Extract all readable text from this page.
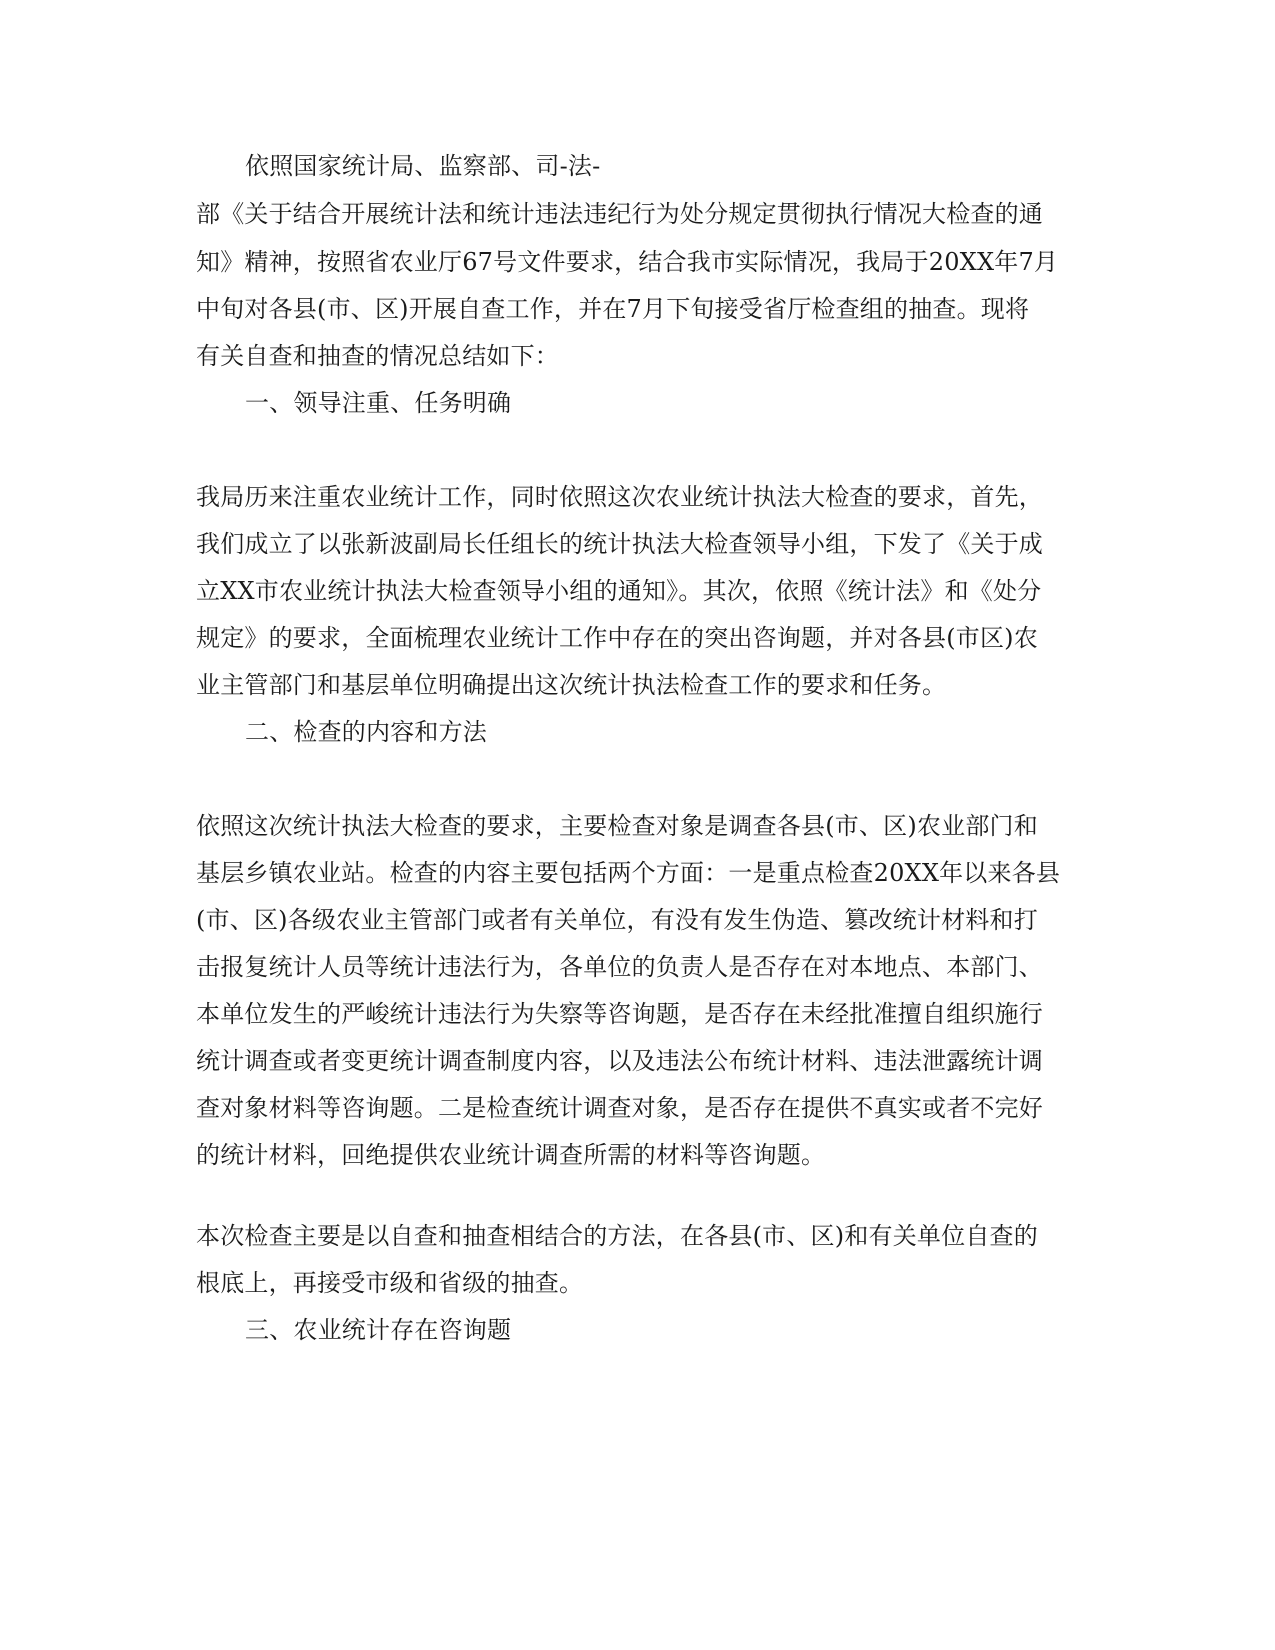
依照国家统计局、监察部、司-法-
部《关于结合开展统计法和统计违法违纪行为处分规定贯彻执行情况大检查的通
知》精神，按照省农业厅67号文件要求，结合我市实际情况，我局于20XX年7月
中旬对各县(市、区)开展自查工作，并在7月下旬接受省厅检查组的抽查。现将
有关自查和抽查的情况总结如下：
一、领导注重、任务明确
我局历来注重农业统计工作，同时依照这次农业统计执法大检查的要求，首先，
我们成立了以张新波副局长任组长的统计执法大检查领导小组，下发了《关于成
立XX市农业统计执法大检查领导小组的通知》。其次，依照《统计法》和《处分
规定》的要求，全面梳理农业统计工作中存在的突出咨询题，并对各县(市区)农
业主管部门和基层单位明确提出这次统计执法检查工作的要求和任务。
二、检查的内容和方法
依照这次统计执法大检查的要求，主要检查对象是调查各县(市、区)农业部门和
基层乡镇农业站。检查的内容主要包括两个方面：一是重点检查20XX年以来各县
(市、区)各级农业主管部门或者有关单位，有没有发生伪造、篡改统计材料和打
击报复统计人员等统计违法行为，各单位的负责人是否存在对本地点、本部门、
本单位发生的严峻统计违法行为失察等咨询题，是否存在未经批准擅自组织施行
统计调查或者变更统计调查制度内容，以及违法公布统计材料、违法泄露统计调
查对象材料等咨询题。二是检查统计调查对象，是否存在提供不真实或者不完好
的统计材料，回绝提供农业统计调查所需的材料等咨询题。
本次检查主要是以自查和抽查相结合的方法，在各县(市、区)和有关单位自查的
根底上，再接受市级和省级的抽查。
三、农业统计存在咨询题
